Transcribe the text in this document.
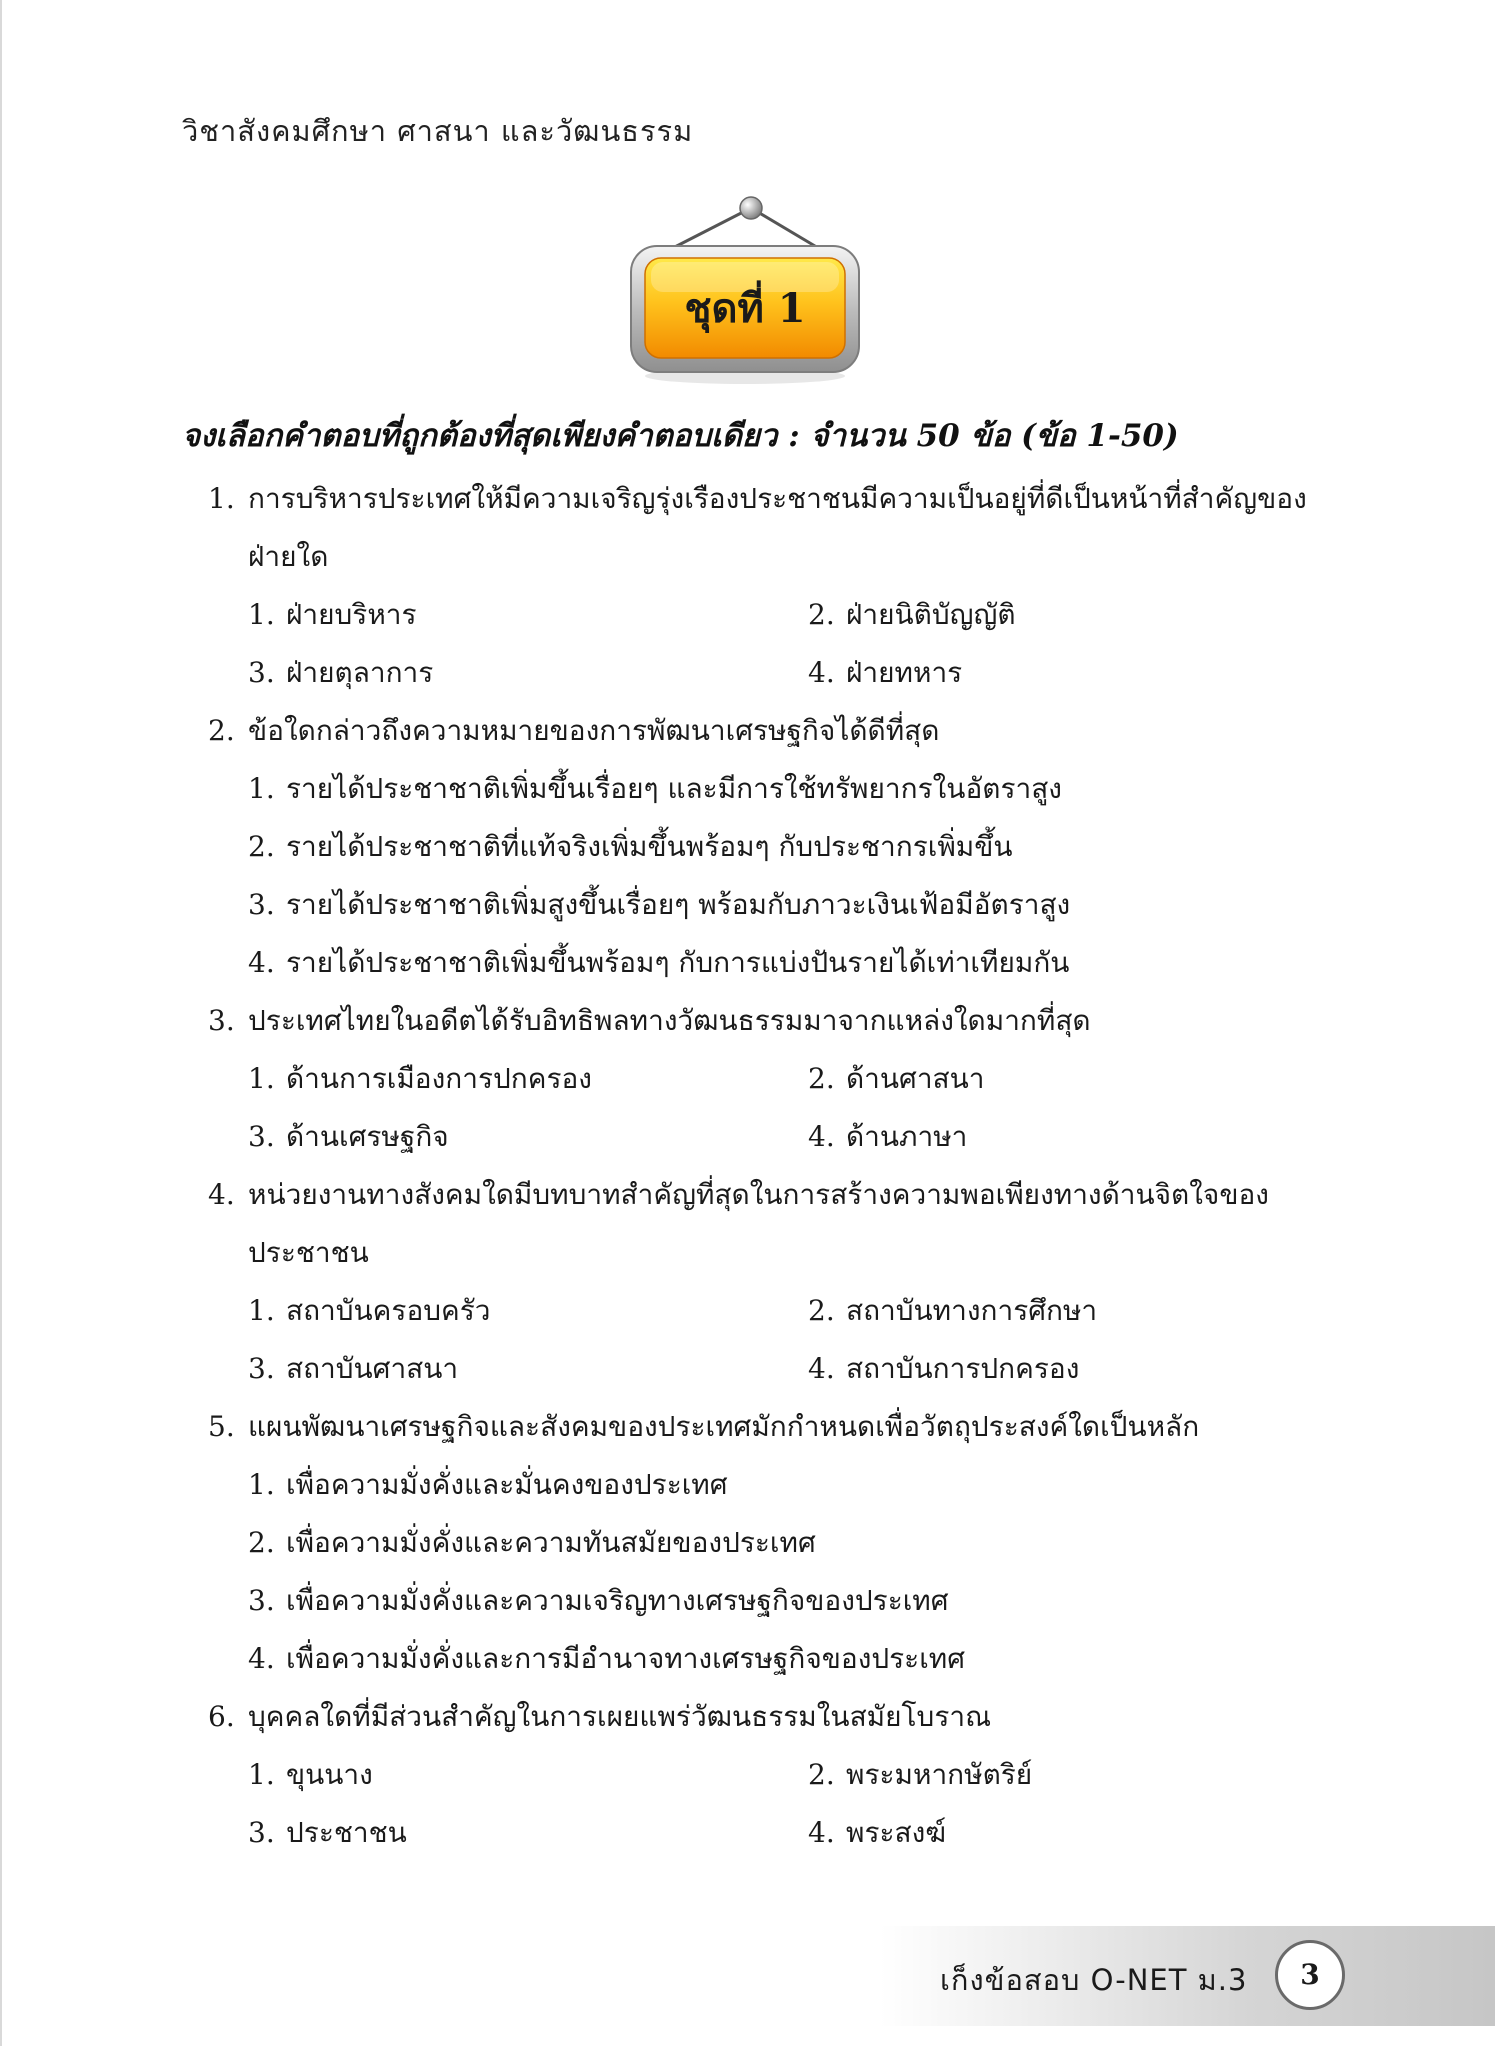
วิชาสังคมศึกษา ศาสนา และวัฒนธรรม
ชุดที่ 1
จงเลือกคำตอบที่ถูกต้องที่สุดเพียงคำตอบเดียว : จำนวน 50 ข้อ (ข้อ 1-50)
1. การบริหารประเทศให้มีความเจริญรุ่งเรืองประชาชนมีความเป็นอยู่ที่ดีเป็นหน้าที่สำคัญของฝ่ายใด
1. ฝ่ายบริหาร	2. ฝ่ายนิติบัญญัติ
3. ฝ่ายตุลาการ	4. ฝ่ายทหาร
2. ข้อใดกล่าวถึงความหมายของการพัฒนาเศรษฐกิจได้ดีที่สุด
1. รายได้ประชาชาติเพิ่มขึ้นเรื่อยๆ และมีการใช้ทรัพยากรในอัตราสูง
2. รายได้ประชาชาติที่แท้จริงเพิ่มขึ้นพร้อมๆ กับประชากรเพิ่มขึ้น
3. รายได้ประชาชาติเพิ่มสูงขึ้นเรื่อยๆ พร้อมกับภาวะเงินเฟ้อมีอัตราสูง
4. รายได้ประชาชาติเพิ่มขึ้นพร้อมๆ กับการแบ่งปันรายได้เท่าเทียมกัน
3. ประเทศไทยในอดีตได้รับอิทธิพลทางวัฒนธรรมมาจากแหล่งใดมากที่สุด
1. ด้านการเมืองการปกครอง	2. ด้านศาสนา
3. ด้านเศรษฐกิจ	4. ด้านภาษา
4. หน่วยงานทางสังคมใดมีบทบาทสำคัญที่สุดในการสร้างความพอเพียงทางด้านจิตใจของประชาชน
1. สถาบันครอบครัว	2. สถาบันทางการศึกษา
3. สถาบันศาสนา	4. สถาบันการปกครอง
5. แผนพัฒนาเศรษฐกิจและสังคมของประเทศมักกำหนดเพื่อวัตถุประสงค์ใดเป็นหลัก
1. เพื่อความมั่งคั่งและมั่นคงของประเทศ
2. เพื่อความมั่งคั่งและความทันสมัยของประเทศ
3. เพื่อความมั่งคั่งและความเจริญทางเศรษฐกิจของประเทศ
4. เพื่อความมั่งคั่งและการมีอำนาจทางเศรษฐกิจของประเทศ
6. บุคคลใดที่มีส่วนสำคัญในการเผยแพร่วัฒนธรรมในสมัยโบราณ
1. ขุนนาง	2. พระมหากษัตริย์
3. ประชาชน	4. พระสงฆ์
เก็งข้อสอบ O-NET ม.3	3
